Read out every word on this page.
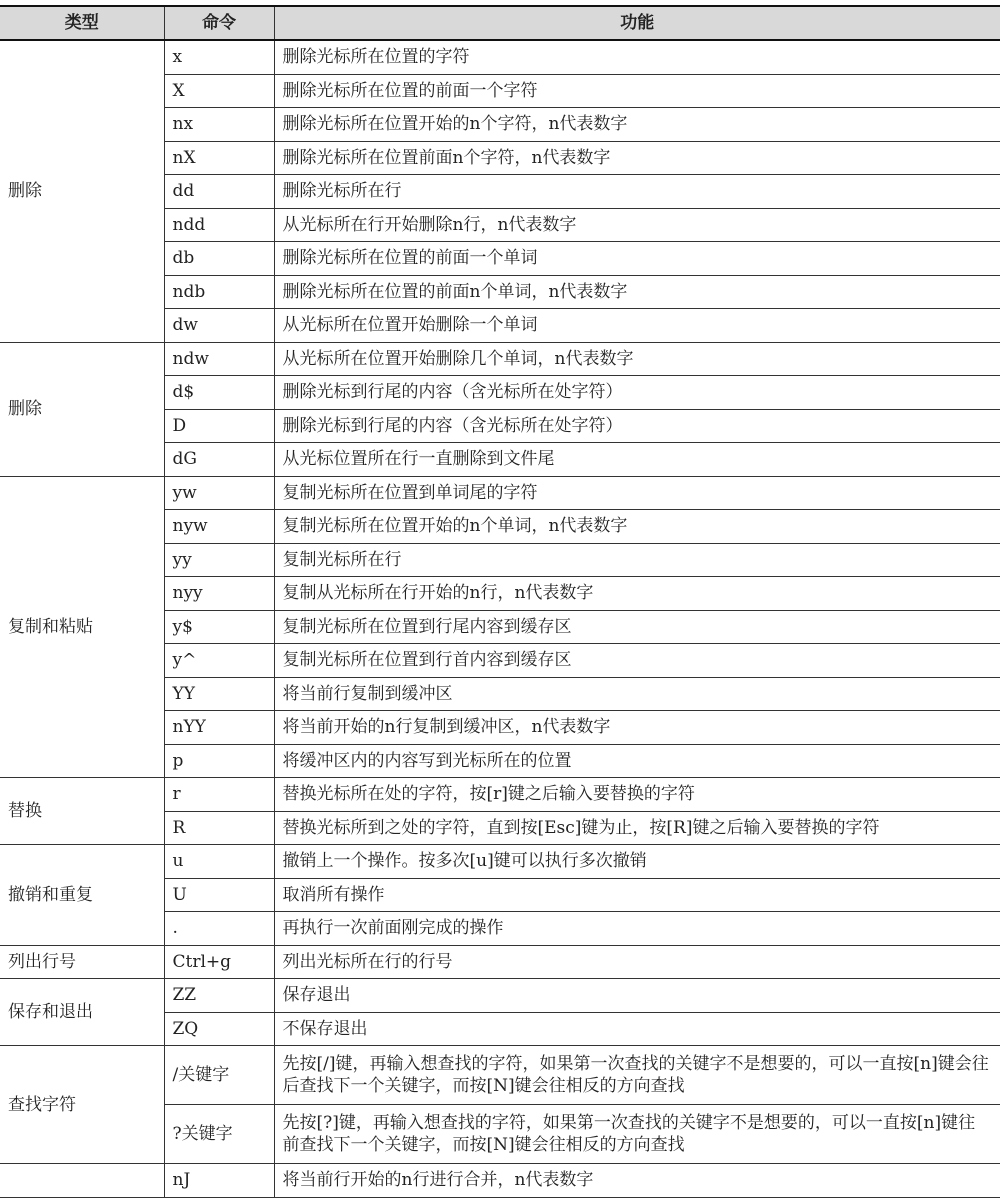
类型	命令	功能
删除	x	删除光标所在位置的字符
	X	删除光标所在位置的前面一个字符
	nx	删除光标所在位置开始的n个字符，n代表数字
	nX	删除光标所在位置前面n个字符，n代表数字
	dd	删除光标所在行
	ndd	从光标所在行开始删除n行，n代表数字
	db	删除光标所在位置的前面一个单词
	ndb	删除光标所在位置的前面n个单词，n代表数字
	dw	从光标所在位置开始删除一个单词
删除	ndw	从光标所在位置开始删除几个单词，n代表数字
	d$	删除光标到行尾的内容（含光标所在处字符）
	D	删除光标到行尾的内容（含光标所在处字符）
	dG	从光标位置所在行一直删除到文件尾
复制和粘贴	yw	复制光标所在位置到单词尾的字符
	nyw	复制光标所在位置开始的n个单词，n代表数字
	yy	复制光标所在行
	nyy	复制从光标所在行开始的n行，n代表数字
	y$	复制光标所在位置到行尾内容到缓存区
	y^	复制光标所在位置到行首内容到缓存区
	YY	将当前行复制到缓冲区
	nYY	将当前开始的n行复制到缓冲区，n代表数字
	p	将缓冲区内的内容写到光标所在的位置
替换	r	替换光标所在处的字符，按[r]键之后输入要替换的字符
	R	替换光标所到之处的字符，直到按[Esc]键为止，按[R]键之后输入要替换的字符
撤销和重复	u	撤销上一个操作。按多次[u]键可以执行多次撤销
	U	取消所有操作
	.	再执行一次前面刚完成的操作
列出行号	Ctrl+g	列出光标所在行的行号
保存和退出	ZZ	保存退出
	ZQ	不保存退出
查找字符	/关键字	先按[/]键，再输入想查找的字符，如果第一次查找的关键字不是想要的，可以一直按[n]键会往后查找下一个关键字，而按[N]键会往相反的方向查找
	?关键字	先按[?]键，再输入想查找的字符，如果第一次查找的关键字不是想要的，可以一直按[n]键往前查找下一个关键字，而按[N]键会往相反的方向查找
	nJ	将当前行开始的n行进行合并，n代表数字
